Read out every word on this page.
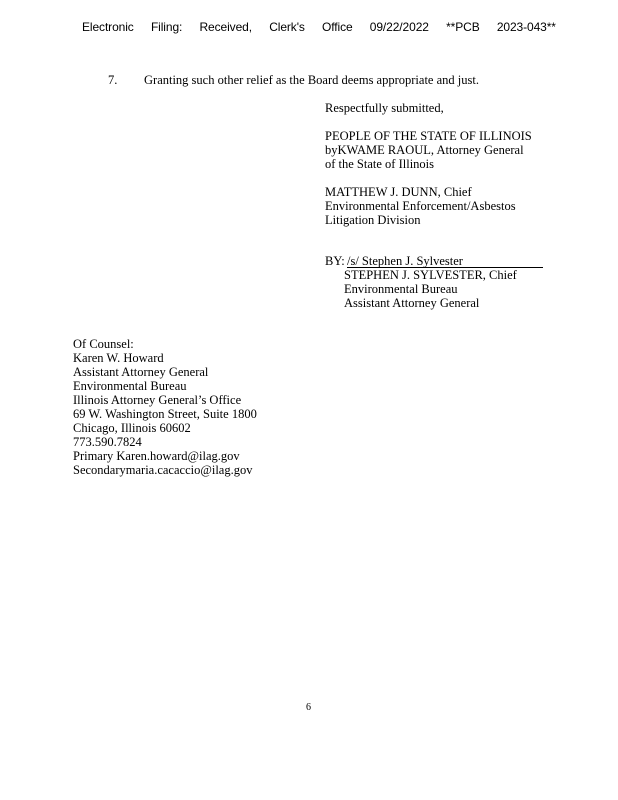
Electronic Filing: Received, Clerk's Office 09/22/2022 **PCB 2023-043**
7. Granting such other relief as the Board deems appropriate and just.
Respectfully submitted,
PEOPLE OF THE STATE OF ILLINOIS
byKWAME RAOUL, Attorney General
of the State of Illinois
MATTHEW J. DUNN, Chief
Environmental Enforcement/Asbestos
Litigation Division
BY: /s/ Stephen J. Sylvester
STEPHEN J. SYLVESTER, Chief
Environmental Bureau
Assistant Attorney General
Of Counsel:
Karen W. Howard
Assistant Attorney General
Environmental Bureau
Illinois Attorney General’s Office
69 W. Washington Street, Suite 1800
Chicago, Illinois 60602
773.590.7824
Primary Karen.howard@ilag.gov
Secondarymaria.cacaccio@ilag.gov
6
